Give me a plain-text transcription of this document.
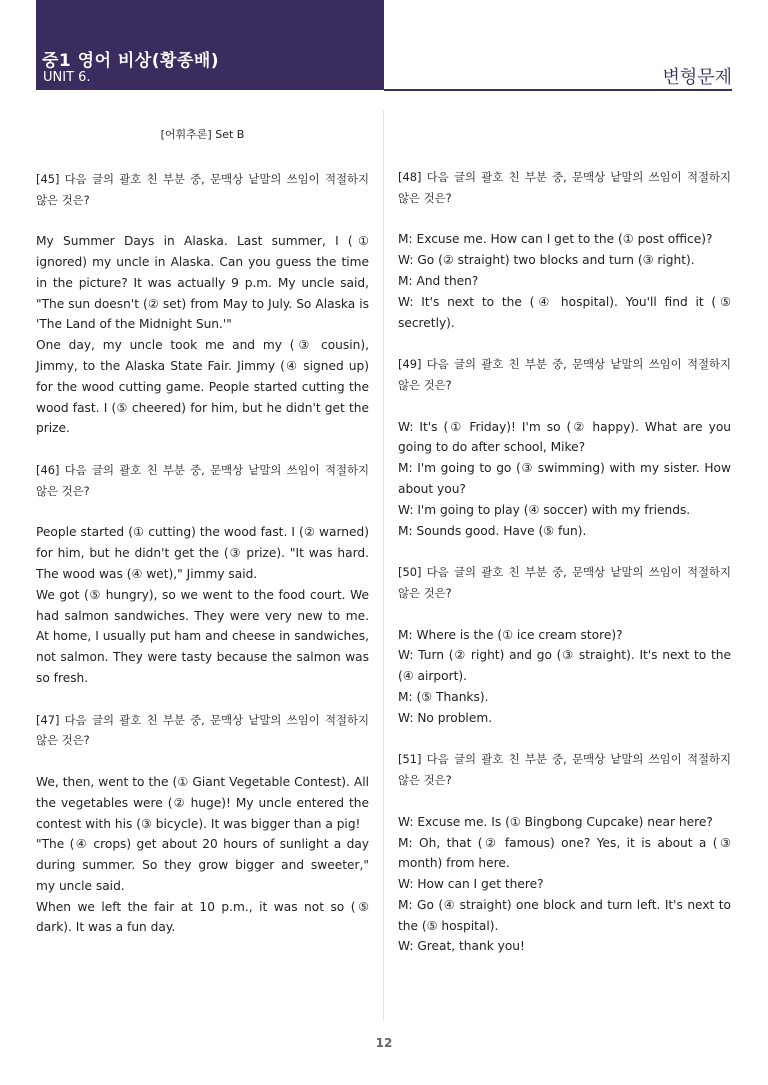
중1 영어 비상(황종배)
UNIT 6.	변형문제
[어휘추론] Set B
[45] 다음 글의 괄호 친 부분 중, 문맥상 낱말의 쓰임이 적절하지 않은 것은?
My Summer Days in Alaska. Last summer, I (① ignored) my uncle in Alaska. Can you guess the time in the picture? It was actually 9 p.m. My uncle said, "The sun doesn't (② set) from May to July. So Alaska is 'The Land of the Midnight Sun.'"
One day, my uncle took me and my (③ cousin), Jimmy, to the Alaska State Fair. Jimmy (④ signed up) for the wood cutting game. People started cutting the wood fast. I (⑤ cheered) for him, but he didn't get the prize.
[46] 다음 글의 괄호 친 부분 중, 문맥상 낱말의 쓰임이 적절하지 않은 것은?
People started (① cutting) the wood fast. I (② warned) for him, but he didn't get the (③ prize). "It was hard. The wood was (④ wet)," Jimmy said.
We got (⑤ hungry), so we went to the food court. We had salmon sandwiches. They were very new to me. At home, I usually put ham and cheese in sandwiches, not salmon. They were tasty because the salmon was so fresh.
[47] 다음 글의 괄호 친 부분 중, 문맥상 낱말의 쓰임이 적절하지 않은 것은?
We, then, went to the (① Giant Vegetable Contest). All the vegetables were (② huge)! My uncle entered the contest with his (③ bicycle). It was bigger than a pig!
"The (④ crops) get about 20 hours of sunlight a day during summer. So they grow bigger and sweeter," my uncle said.
When we left the fair at 10 p.m., it was not so (⑤ dark). It was a fun day.
[48] 다음 글의 괄호 친 부분 중, 문맥상 낱말의 쓰임이 적절하지 않은 것은?
M: Excuse me. How can I get to the (① post office)?
W: Go (② straight) two blocks and turn (③ right).
M: And then?
W: It's next to the (④ hospital). You'll find it (⑤ secretly).
[49] 다음 글의 괄호 친 부분 중, 문맥상 낱말의 쓰임이 적절하지 않은 것은?
W: It's (① Friday)! I'm so (② happy). What are you going to do after school, Mike?
M: I'm going to go (③ swimming) with my sister. How about you?
W: I'm going to play (④ soccer) with my friends.
M: Sounds good. Have (⑤ fun).
[50] 다음 글의 괄호 친 부분 중, 문맥상 낱말의 쓰임이 적절하지 않은 것은?
M: Where is the (① ice cream store)?
W: Turn (② right) and go (③ straight). It's next to the (④ airport).
M: (⑤ Thanks).
W: No problem.
[51] 다음 글의 괄호 친 부분 중, 문맥상 낱말의 쓰임이 적절하지 않은 것은?
W: Excuse me. Is (① Bingbong Cupcake) near here?
M: Oh, that (② famous) one? Yes, it is about a (③ month) from here.
W: How can I get there?
M: Go (④ straight) one block and turn left. It's next to the (⑤ hospital).
W: Great, thank you!
12
